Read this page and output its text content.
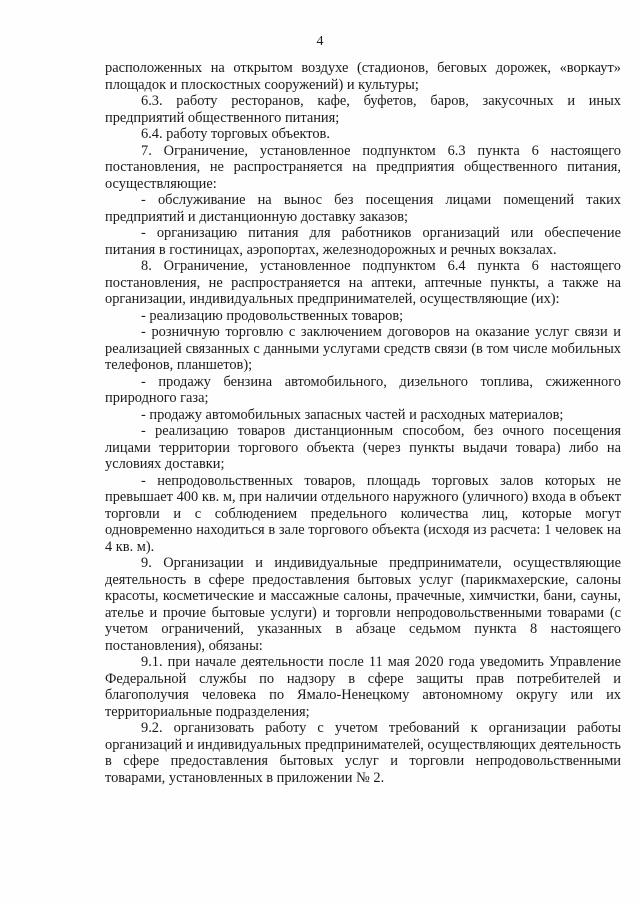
4

расположенных на открытом воздухе (стадионов, беговых дорожек, «воркаут» площадок и плоскостных сооружений) и культуры;

6.3. работу ресторанов, кафе, буфетов, баров, закусочных и иных предприятий общественного питания;

6.4. работу торговых объектов.

7. Ограничение, установленное подпунктом 6.3 пункта 6 настоящего постановления, не распространяется на предприятия общественного питания, осуществляющие:

- обслуживание на вынос без посещения лицами помещений таких предприятий и дистанционную доставку заказов;

- организацию питания для работников организаций или обеспечение питания в гостиницах, аэропортах, железнодорожных и речных вокзалах.

8. Ограничение, установленное подпунктом 6.4 пункта 6 настоящего постановления, не распространяется на аптеки, аптечные пункты, а также на организации, индивидуальных предпринимателей, осуществляющие (их):

- реализацию продовольственных товаров;

- розничную торговлю с заключением договоров на оказание услуг связи и реализацией связанных с данными услугами средств связи (в том числе мобильных телефонов, планшетов);

- продажу бензина автомобильного, дизельного топлива, сжиженного природного газа;

- продажу автомобильных запасных частей и расходных материалов;

- реализацию товаров дистанционным способом, без очного посещения лицами территории торгового объекта (через пункты выдачи товара) либо на условиях доставки;

- непродовольственных товаров, площадь торговых залов которых не превышает 400 кв. м, при наличии отдельного наружного (уличного) входа в объект торговли и с соблюдением предельного количества лиц, которые могут одновременно находиться в зале торгового объекта (исходя из расчета: 1 человек на 4 кв. м).

9. Организации и индивидуальные предприниматели, осуществляющие деятельность в сфере предоставления бытовых услуг (парикмахерские, салоны красоты, косметические и массажные салоны, прачечные, химчистки, бани, сауны, ателье и прочие бытовые услуги) и торговли непродовольственными товарами (с учетом ограничений, указанных в абзаце седьмом пункта 8 настоящего постановления), обязаны:

9.1. при начале деятельности после 11 мая 2020 года уведомить Управление Федеральной службы по надзору в сфере защиты прав потребителей и благополучия человека по Ямало-Ненецкому автономному округу или их территориальные подразделения;

9.2. организовать работу с учетом требований к организации работы организаций и индивидуальных предпринимателей, осуществляющих деятельность в сфере предоставления бытовых услуг и торговли непродовольственными товарами, установленных в приложении № 2.
